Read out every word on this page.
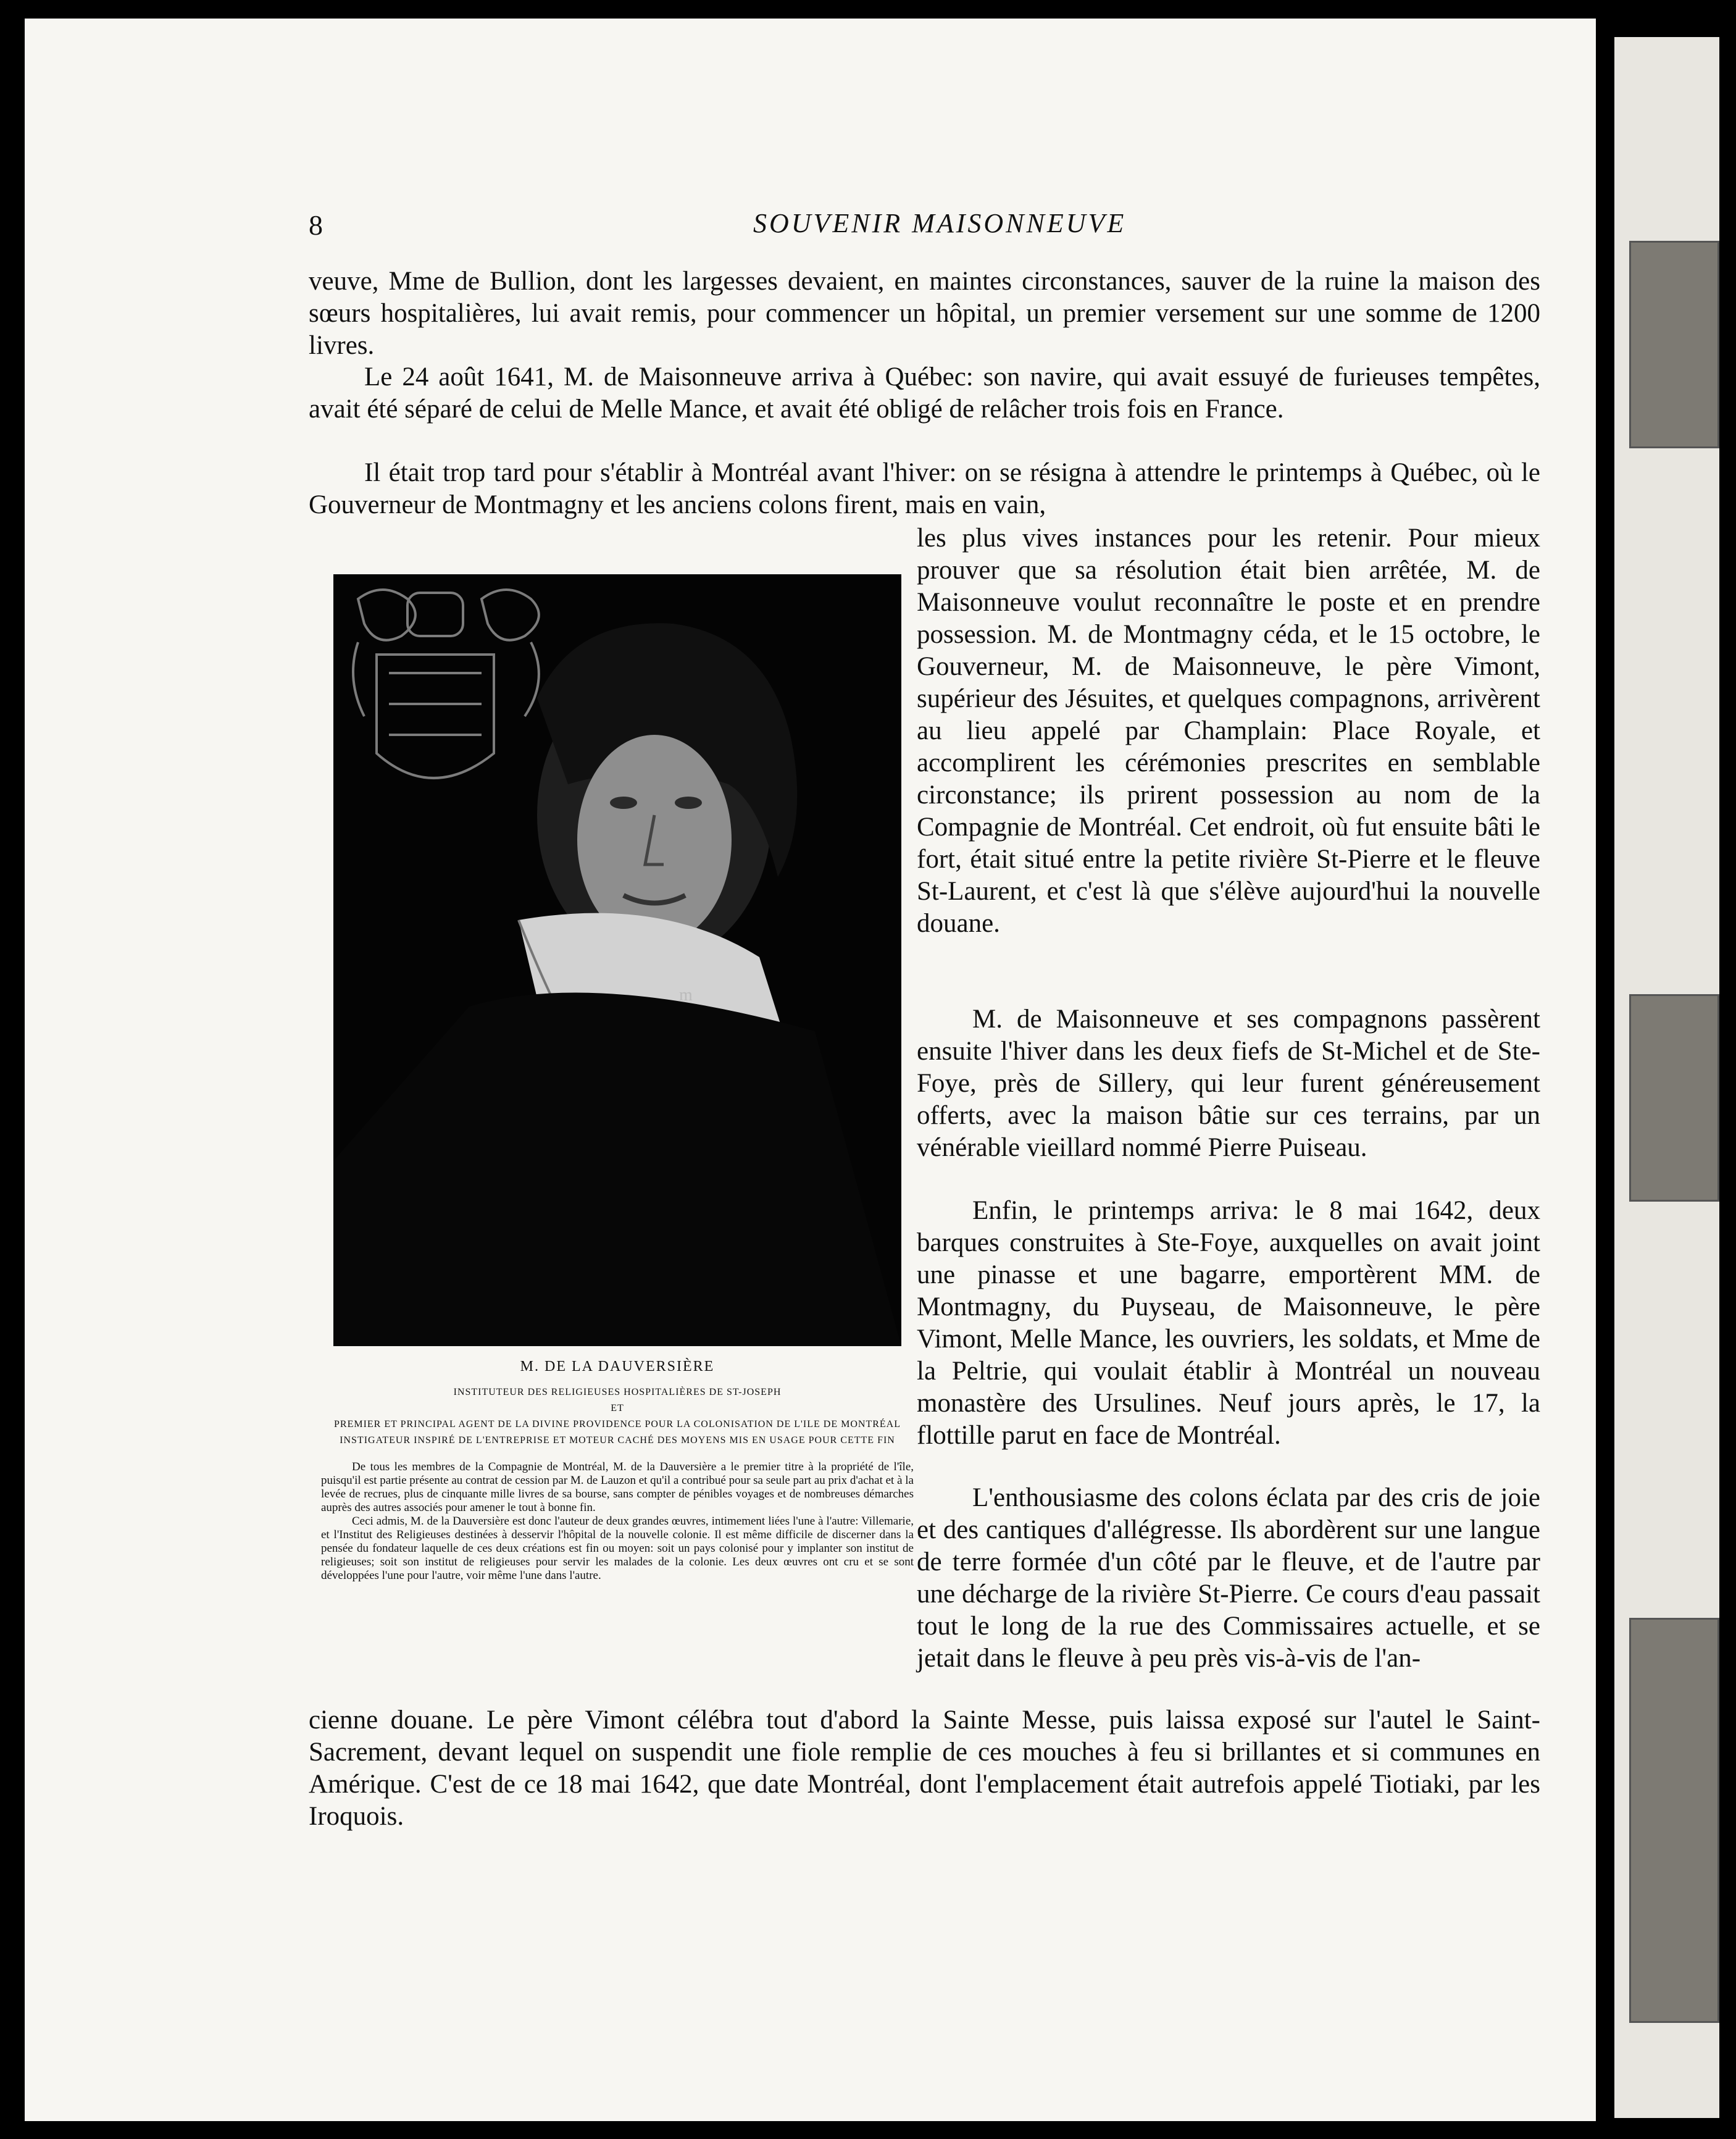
8	SOUVENIR MAISONNEUVE

veuve, Mme de Bullion, dont les largesses devaient, en maintes circonstances, sauver de la ruine la maison des sœurs hospitalières, lui avait remis, pour commencer un hôpital, un premier versement sur une somme de 1200 livres.

Le 24 août 1641, M. de Maisonneuve arriva à Québec: son navire, qui avait essuyé de furieuses tempêtes, avait été séparé de celui de Melle Mance, et avait été obligé de relâcher trois fois en France.

Il était trop tard pour s'établir à Montréal avant l'hiver: on se résigna à attendre le printemps à Québec, où le Gouverneur de Montmagny et les anciens colons firent, mais en vain,

les plus vives instances pour les retenir. Pour mieux prouver que sa résolution était bien arrêtée, M. de Maisonneuve voulut reconnaître le poste et en prendre possession. M. de Montmagny céda, et le 15 octobre, le Gouverneur, M. de Maisonneuve, le père Vimont, supérieur des Jésuites, et quelques compagnons, arrivèrent au lieu appelé par Champlain: Place Royale, et accomplirent les cérémonies prescrites en semblable circonstance; ils prirent possession au nom de la Compagnie de Montréal. Cet endroit, où fut ensuite bâti le fort, était situé entre la petite rivière St-Pierre et le fleuve St-Laurent, et c'est là que s'élève aujourd'hui la nouvelle douane.

M. de Maisonneuve et ses compagnons passèrent ensuite l'hiver dans les deux fiefs de St-Michel et de Ste-Foye, près de Sillery, qui leur furent généreusement offerts, avec la maison bâtie sur ces terrains, par un vénérable vieillard nommé Pierre Puiseau.

Enfin, le printemps arriva: le 8 mai 1642, deux barques construites à Ste-Foye, auxquelles on avait joint une pinasse et une bagarre, emportèrent MM. de Montmagny, du Puyseau, de Maisonneuve, le père Vimont, Melle Mance, les ouvriers, les soldats, et Mme de la Peltrie, qui voulait établir à Montréal un nouveau monastère des Ursulines. Neuf jours après, le 17, la flottille parut en face de Montréal.

L'enthousiasme des colons éclata par des cris de joie et des cantiques d'allégresse. Ils abordèrent sur une langue de terre formée d'un côté par le fleuve, et de l'autre par une décharge de la rivière St-Pierre. Ce cours d'eau passait tout le long de la rue des Commissaires actuelle, et se jetait dans le fleuve à peu près vis-à-vis de l'an-

cienne douane. Le père Vimont célébra tout d'abord la Sainte Messe, puis laissa exposé sur l'autel le Saint-Sacrement, devant lequel on suspendit une fiole remplie de ces mouches à feu si brillantes et si communes en Amérique. C'est de ce 18 mai 1642, que date Montréal, dont l'emplacement était autrefois appelé Tiotiaki, par les Iroquois.

m

M. DE LA DAUVERSIÈRE

INSTITUTEUR DES RELIGIEUSES HOSPITALIÈRES DE ST-JOSEPH

ET

PREMIER ET PRINCIPAL AGENT DE LA DIVINE PROVIDENCE POUR LA COLONISATION DE L'ILE DE MONTRÉAL

INSTIGATEUR INSPIRÉ DE L'ENTREPRISE ET MOTEUR CACHÉ DES MOYENS MIS EN USAGE POUR CETTE FIN

De tous les membres de la Compagnie de Montréal, M. de la Dauversière a le premier titre à la propriété de l'île, puisqu'il est partie présente au contrat de cession par M. de Lauzon et qu'il a contribué pour sa seule part au prix d'achat et à la levée de recrues, plus de cinquante mille livres de sa bourse, sans compter de pénibles voyages et de nombreuses démarches auprès des autres associés pour amener le tout à bonne fin.

Ceci admis, M. de la Dauversière est donc l'auteur de deux grandes œuvres, intimement liées l'une à l'autre: Villemarie, et l'Institut des Religieuses destinées à desservir l'hôpital de la nouvelle colonie. Il est même difficile de discerner dans la pensée du fondateur laquelle de ces deux créations est fin ou moyen: soit un pays colonisé pour y implanter son institut de religieuses; soit son institut de religieuses pour servir les malades de la colonie. Les deux œuvres ont cru et se sont développées l'une pour l'autre, voir même l'une dans l'autre.
